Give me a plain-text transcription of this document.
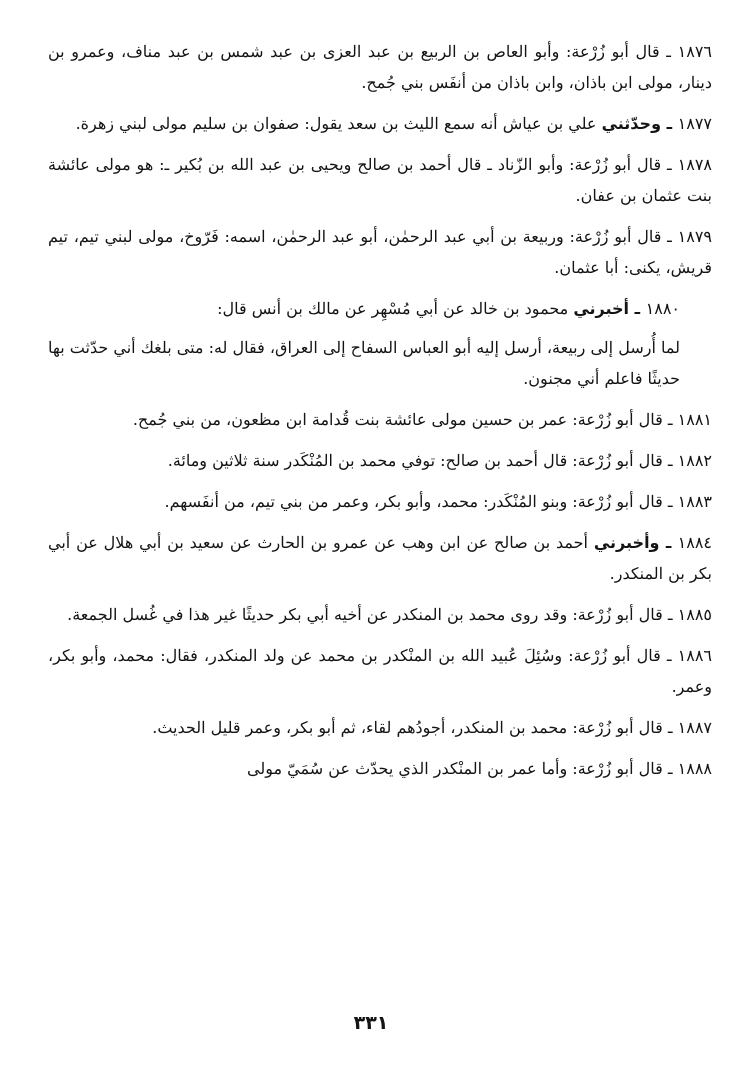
١٨٧٦ ـ قال أبو زُرْعة: وأبو العاص بن الربيع بن عبد العزى بن عبد شمس بن عبد مناف، وعمرو بن دينار، مولى ابن باذان، وابن باذان من أنفَس بني جُمح.

١٨٧٧ ـ وحدّثني علي بن عياش أنه سمع الليث بن سعد يقول: صفوان بن سليم مولى لبني زهرة.

١٨٧٨ ـ قال أبو زُرْعة: وأبو الزّناد ـ قال أحمد بن صالح ويحيى بن عبد الله بن بُكير ـ: هو مولى عائشة بنت عثمان بن عفان.

١٨٧٩ ـ قال أبو زُرْعة: وربيعة بن أبي عبد الرحمٰن، أبو عبد الرحمٰن، اسمه: فَرّوخ، مولى لبني تيم، تيم قريش، يكنى: أبا عثمان.

١٨٨٠ ـ أخبرني محمود بن خالد عن أبي مُسْهِر عن مالك بن أنس قال:

لما أُرسل إلى ربيعة، أرسل إليه أبو العباس السفاح إلى العراق، فقال له: متى بلغك أني حدّثت بها حديثًا فاعلم أني مجنون.

١٨٨١ ـ قال أبو زُرْعة: عمر بن حسين مولى عائشة بنت قُدامة ابن مظعون، من بني جُمح.

١٨٨٢ ـ قال أبو زُرْعة: قال أحمد بن صالح: توفي محمد بن المُنْكَدر سنة ثلاثين ومائة.

١٨٨٣ ـ قال أبو زُرْعة: وبنو المُنْكَدر: محمد، وأبو بكر، وعمر من بني تيم، من أنفَسهم.

١٨٨٤ ـ وأخبرني أحمد بن صالح عن ابن وهب عن عمرو بن الحارث عن سعيد بن أبي هلال عن أبي بكر بن المنكدر.

١٨٨٥ ـ قال أبو زُرْعة: وقد روى محمد بن المنكدر عن أخيه أبي بكر حديثًا غير هذا في غُسل الجمعة.

١٨٨٦ ـ قال أبو زُرْعة: وسُئِلَ عُبيد الله بن المنْكدر بن محمد عن ولد المنكدر، فقال: محمد، وأبو بكر، وعمر.

١٨٨٧ ـ قال أبو زُرْعة: محمد بن المنكدر، أجودُهم لقاء، ثم أبو بكر، وعمر قليل الحديث.

١٨٨٨ ـ قال أبو زُرْعة: وأما عمر بن المنْكدر الذي يحدّث عن سُمَيّ مولى

٣٣١
